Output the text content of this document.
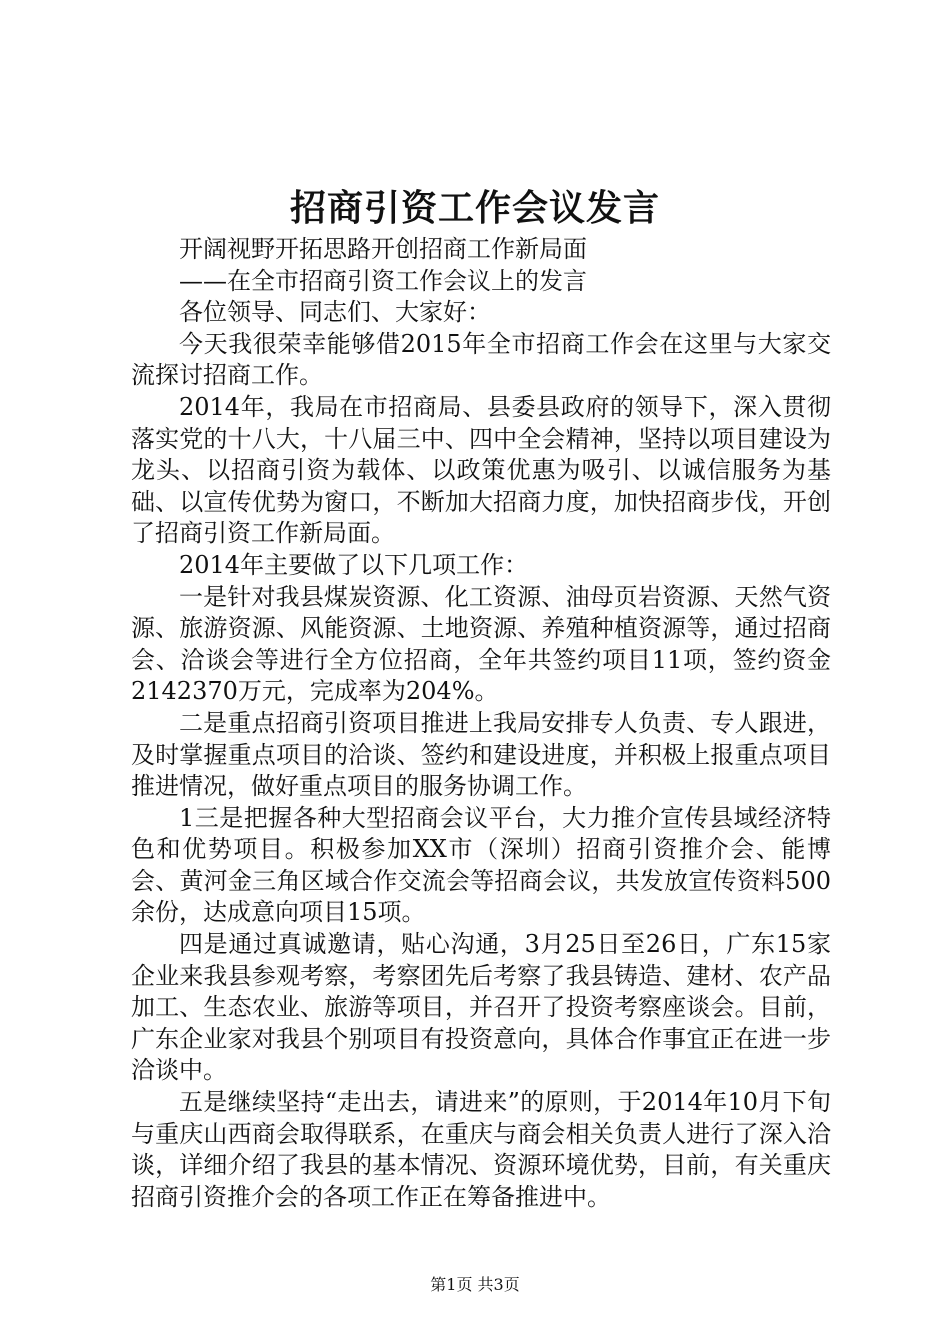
招商引资工作会议发言

开阔视野开拓思路开创招商工作新局面

——在全市招商引资工作会议上的发言

各位领导、同志们、大家好：

今天我很荣幸能够借2015年全市招商工作会在这里与大家交流探讨招商工作。

2014年，我局在市招商局、县委县政府的领导下，深入贯彻落实党的十八大，十八届三中、四中全会精神，坚持以项目建设为龙头、以招商引资为载体、以政策优惠为吸引、以诚信服务为基础、以宣传优势为窗口，不断加大招商力度，加快招商步伐，开创了招商引资工作新局面。

2014年主要做了以下几项工作：

一是针对我县煤炭资源、化工资源、油母页岩资源、天然气资源、旅游资源、风能资源、土地资源、养殖种植资源等，通过招商会、洽谈会等进行全方位招商，全年共签约项目11项，签约资金2142370万元，完成率为204%。

二是重点招商引资项目推进上我局安排专人负责、专人跟进，及时掌握重点项目的洽谈、签约和建设进度，并积极上报重点项目推进情况，做好重点项目的服务协调工作。

1三是把握各种大型招商会议平台，大力推介宣传县域经济特色和优势项目。积极参加XX市（深圳）招商引资推介会、能博会、黄河金三角区域合作交流会等招商会议，共发放宣传资料500余份，达成意向项目15项。

四是通过真诚邀请，贴心沟通，3月25日至26日，广东15家企业来我县参观考察，考察团先后考察了我县铸造、建材、农产品加工、生态农业、旅游等项目，并召开了投资考察座谈会。目前，广东企业家对我县个别项目有投资意向，具体合作事宜正在进一步洽谈中。

五是继续坚持“走出去，请进来”的原则，于2014年10月下旬与重庆山西商会取得联系，在重庆与商会相关负责人进行了深入洽谈，详细介绍了我县的基本情况、资源环境优势，目前，有关重庆招商引资推介会的各项工作正在筹备推进中。

第1页 共3页
